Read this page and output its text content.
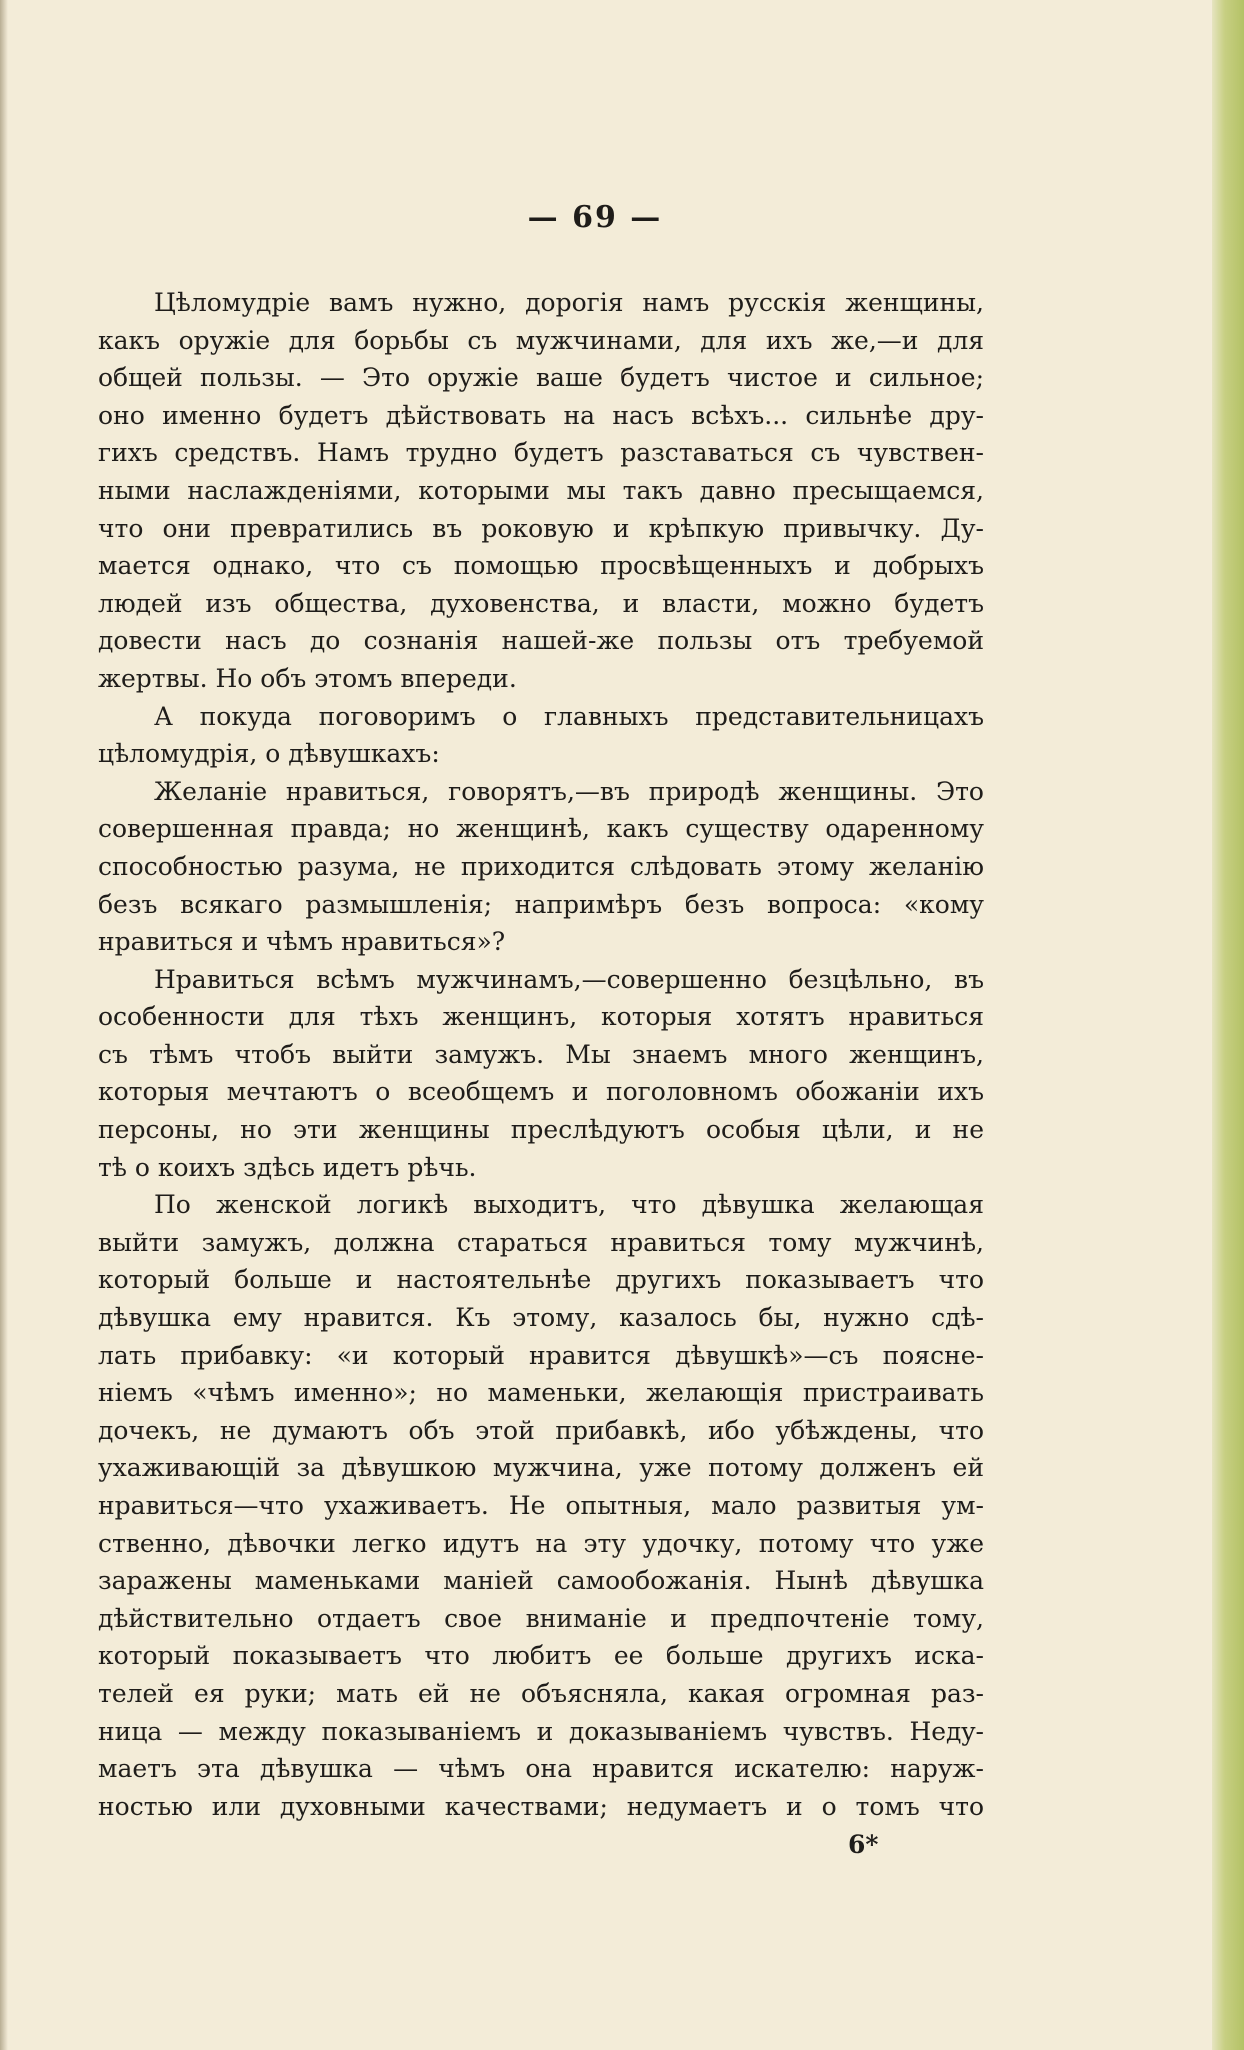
— 69 —
Цѣломудріе вамъ нужно, дорогія намъ русскія женщины,
какъ оружіе для борьбы съ мужчинами, для ихъ же,—и для
общей пользы. — Это оружіе ваше будетъ чистое и сильное;
оно именно будетъ дѣйствовать на насъ всѣхъ... сильнѣе дру-
гихъ средствъ. Намъ трудно будетъ разставаться съ чувствен-
ными наслажденіями, которыми мы такъ давно пресыщаемся,
что они превратились въ роковую и крѣпкую привычку. Ду-
мается однако, что съ помощью просвѣщенныхъ и добрыхъ
людей изъ общества, духовенства, и власти, можно будетъ
довести насъ до сознанія нашей-же пользы отъ требуемой
жертвы. Но объ этомъ впереди.
А покуда поговоримъ о главныхъ представительницахъ
цѣломудрія, о дѣвушкахъ:
Желаніе нравиться, говорятъ,—въ природѣ женщины. Это
совершенная правда; но женщинѣ, какъ существу одаренному
способностью разума, не приходится слѣдовать этому желанію
безъ всякаго размышленія; напримѣръ безъ вопроса: «кому
нравиться и чѣмъ нравиться»?
Нравиться всѣмъ мужчинамъ,—совершенно безцѣльно, въ
особенности для тѣхъ женщинъ, которыя хотятъ нравиться
съ тѣмъ чтобъ выйти замужъ. Мы знаемъ много женщинъ,
которыя мечтаютъ о всеобщемъ и поголовномъ обожаніи ихъ
персоны, но эти женщины преслѣдуютъ особыя цѣли, и не
тѣ о коихъ здѣсь идетъ рѣчь.
По женской логикѣ выходитъ, что дѣвушка желающая
выйти замужъ, должна стараться нравиться тому мужчинѣ,
который больше и настоятельнѣе другихъ показываетъ что
дѣвушка ему нравится. Къ этому, казалось бы, нужно сдѣ-
лать прибавку: «и который нравится дѣвушкѣ»—съ поясне-
ніемъ «чѣмъ именно»; но маменьки, желающія пристраивать
дочекъ, не думаютъ объ этой прибавкѣ, ибо убѣждены, что
ухаживающій за дѣвушкою мужчина, уже потому долженъ ей
нравиться—что ухаживаетъ. Не опытныя, мало развитыя ум-
ственно, дѣвочки легко идутъ на эту удочку, потому что уже
заражены маменьками маніей самообожанія. Нынѣ дѣвушка
дѣйствительно отдаетъ свое вниманіе и предпочтеніе тому,
который показываетъ что любитъ ее больше другихъ иска-
телей ея руки; мать ей не объясняла, какая огромная раз-
ница — между показываніемъ и доказываніемъ чувствъ. Недy-
маетъ эта дѣвушка — чѣмъ она нравится искателю: наруж-
ностью или духовными качествами; недумаетъ и о томъ что
6*
